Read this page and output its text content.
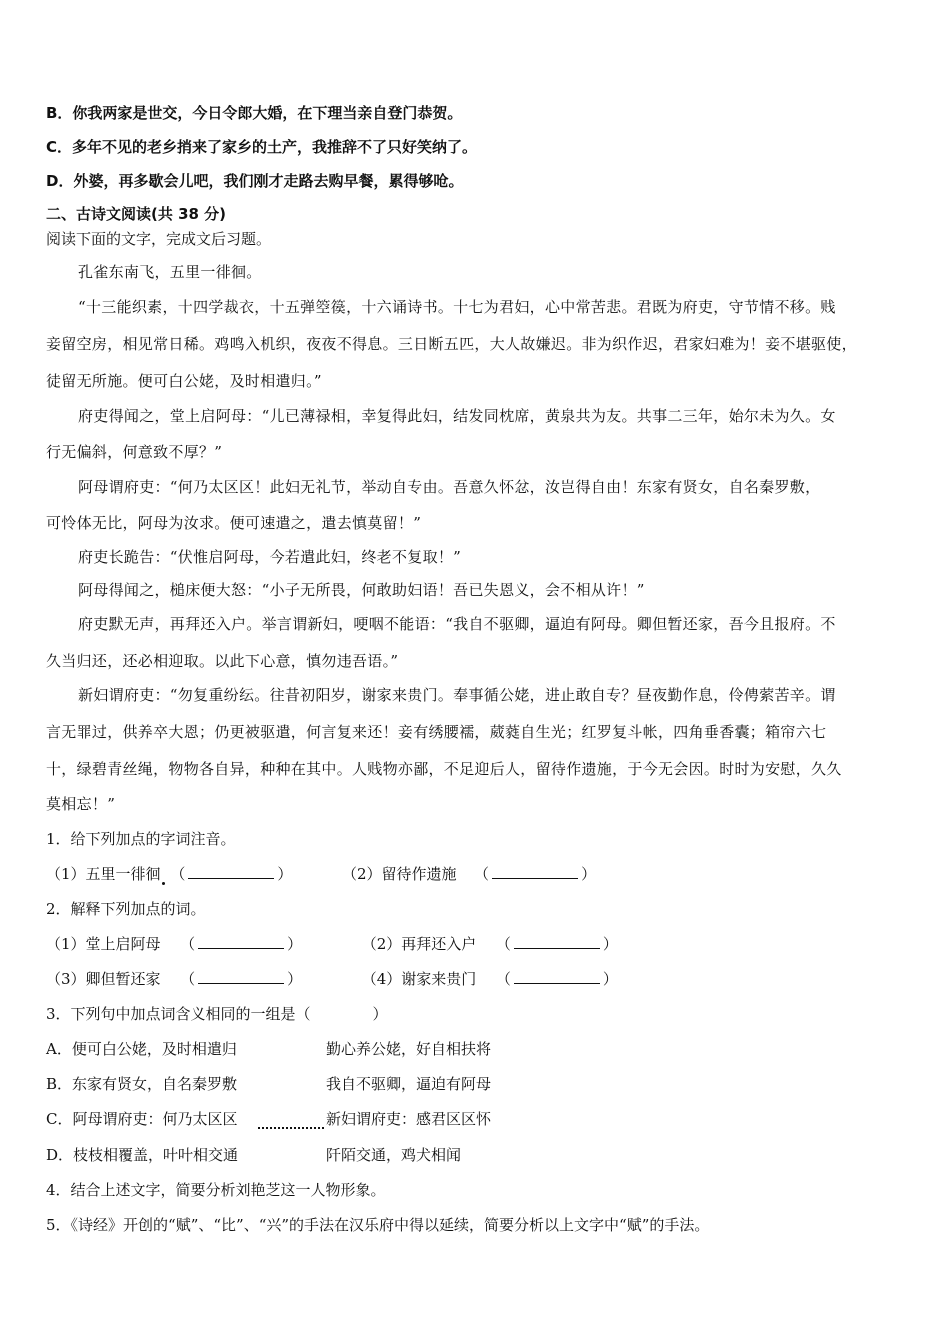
B．你我两家是世交，今日令郎大婚，在下理当亲自登门恭贺。
C．多年不见的老乡捎来了家乡的土产，我推辞不了只好笑纳了。
D．外婆，再多歇会儿吧，我们刚才走路去购早餐，累得够呛。
二、古诗文阅读(共 38 分)
阅读下面的文字，完成文后习题。
孔雀东南飞，五里一徘徊。
“十三能织素，十四学裁衣，十五弹箜篌，十六诵诗书。十七为君妇，心中常苦悲。君既为府吏，守节情不移。贱
妾留空房，相见常日稀。鸡鸣入机织，夜夜不得息。三日断五匹，大人故嫌迟。非为织作迟，君家妇难为！妾不堪驱使，
徒留无所施。便可白公姥，及时相遣归。”
府吏得闻之，堂上启阿母：“儿已薄禄相，幸复得此妇，结发同枕席，黄泉共为友。共事二三年，始尔未为久。女
行无偏斜，何意致不厚？”
阿母谓府吏：“何乃太区区！此妇无礼节，举动自专由。吾意久怀忿，汝岂得自由！东家有贤女，自名秦罗敷，
可怜体无比，阿母为汝求。便可速遣之，遣去慎莫留！”
府吏长跪告：“伏惟启阿母，今若遣此妇，终老不复取！”
阿母得闻之，槌床便大怒：“小子无所畏，何敢助妇语！吾已失恩义，会不相从许！”
府吏默无声，再拜还入户。举言谓新妇，哽咽不能语：“我自不驱卿，逼迫有阿母。卿但暂还家，吾今且报府。不
久当归还，还必相迎取。以此下心意，慎勿违吾语。”
新妇谓府吏：“勿复重纷纭。往昔初阳岁，谢家来贵门。奉事循公姥，进止敢自专？昼夜勤作息，伶俜萦苦辛。谓
言无罪过，供养卒大恩；仍更被驱遣，何言复来还！妾有绣腰襦，葳蕤自生光；红罗复斗帐，四角垂香囊；箱帘六七
十，绿碧青丝绳，物物各自异，种种在其中。人贱物亦鄙，不足迎后人，留待作遗施，于今无会因。时时为安慰，久久
莫相忘！”
1．给下列加点的字词注音。
（1）五里一徘徊 （	）	（2）留待作遗施 （	）
2．解释下列加点的词。
（1）堂上启阿母 （	）	（2）再拜还入户 （	）
（3）卿但暂还家 （	）	（4）谢家来贵门 （	）
3．下列句中加点词含义相同的一组是（	）
A．便可白公姥，及时相遣归	勤心养公姥，好自相扶将
B．东家有贤女，自名秦罗敷	我自不驱卿，逼迫有阿母
C．阿母谓府吏：何乃太区区	新妇谓府吏：感君区区怀
D．枝枝相覆盖，叶叶相交通	阡陌交通，鸡犬相闻
4．结合上述文字，简要分析刘艳芝这一人物形象。
5．《诗经》开创的“赋”、“比”、“兴”的手法在汉乐府中得以延续，简要分析以上文字中“赋”的手法。
